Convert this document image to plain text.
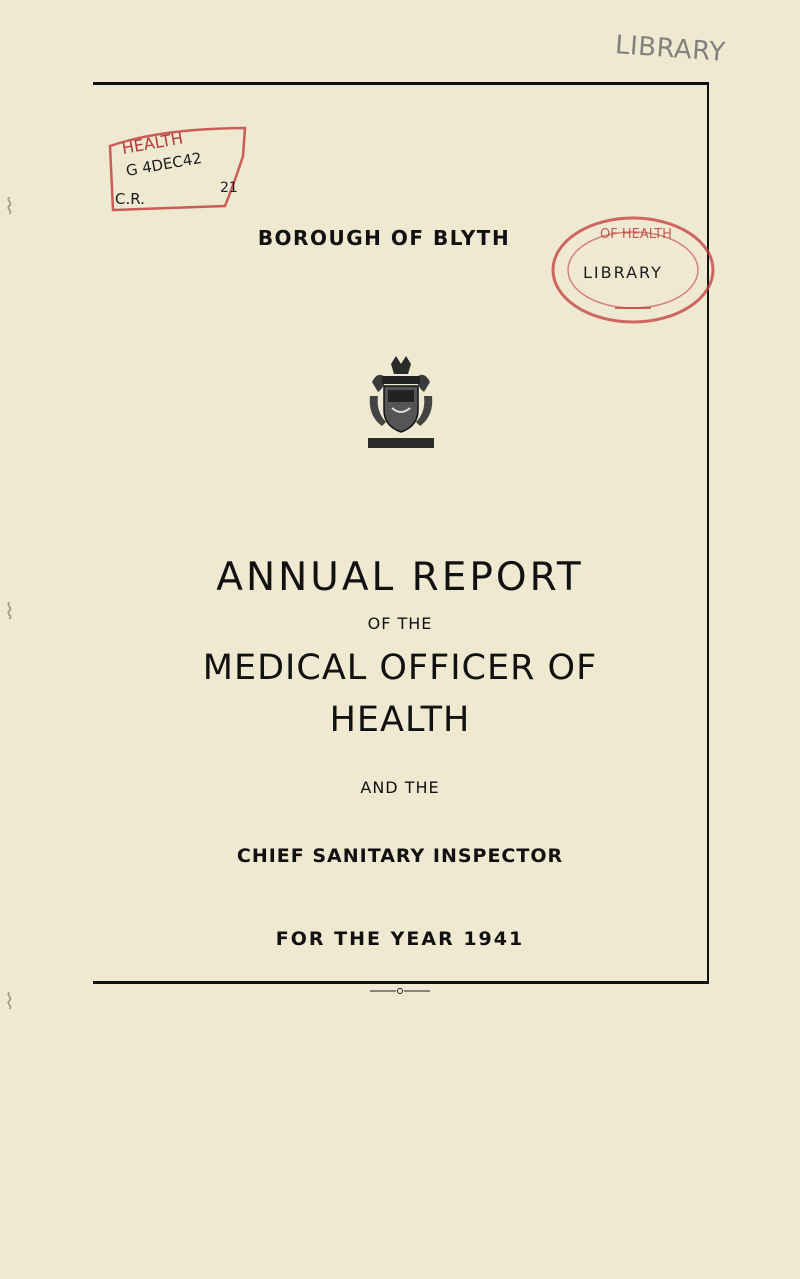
LIBRARY
HEALTH
G 4DEC42
C.R.
21
BOROUGH OF BLYTH	OF HEALTH
LIBRARY
ANNUAL REPORT
OF THE
MEDICAL OFFICER OF
HEALTH
AND THE
CHIEF SANITARY INSPECTOR
FOR THE YEAR 1941
⌇
⌇
⌇
